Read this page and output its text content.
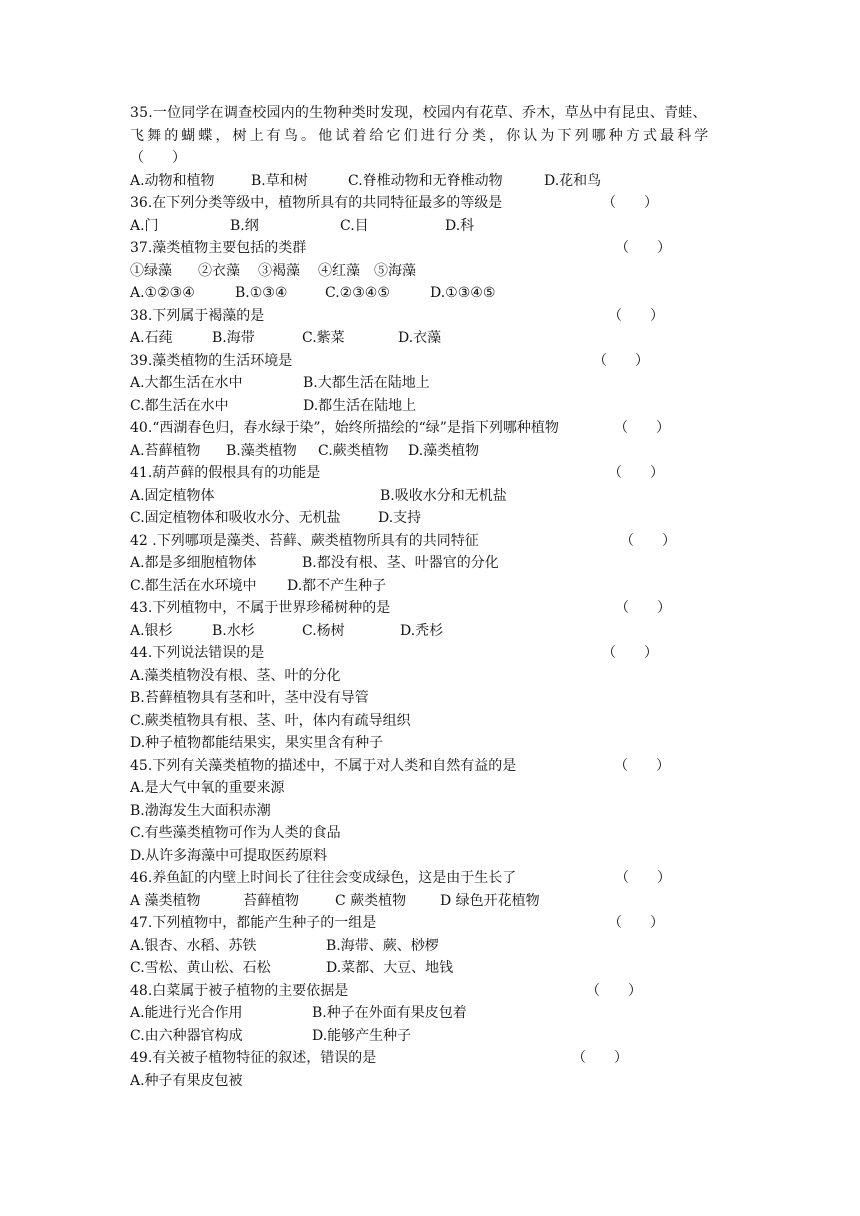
35.一位同学在调查校园内的生物种类时发现，校园内有花草、乔木，草丛中有昆虫、青蛙、
飞舞的蝴蝶，树上有鸟。他试着给它们进行分类，你认为下列哪种方式最科学
（　　）
A.动物和植物	B.草和树	C.脊椎动物和无脊椎动物	D.花和鸟
36.在下列分类等级中，植物所具有的共同特征最多的等级是	（　　）
A.门	B.纲	C.目	D.科
37.藻类植物主要包括的类群	（　　）
①绿藻 ②衣藻 ③褐藻 ④红藻 ⑤海藻
A.①②③④	B.①③④	C.②③④⑤	D.①③④⑤
38.下列属于褐藻的是	（　　）
A.石莼	B.海带	C.紫菜	D.衣藻
39.藻类植物的生活环境是	（　　）
A.大都生活在水中	B.大都生活在陆地上
C.都生活在水中	D.都生活在陆地上
40.“西湖春色归，春水绿于染”，始终所描绘的“绿”是指下列哪种植物	（　　）
A.苔藓植物 B.藻类植物 C.蕨类植物 D.藻类植物
41.葫芦藓的假根具有的功能是	（　　）
A.固定植物体	B.吸收水分和无机盐
C.固定植物体和吸收水分、无机盐	D.支持
42 .下列哪项是藻类、苔藓、蕨类植物所具有的共同特征	（　　）
A.都是多细胞植物体	B.都没有根、茎、叶器官的分化
C.都生活在水环境中 D.都不产生种子
43.下列植物中，不属于世界珍稀树种的是	（　　）
A.银杉	B.水杉	C.杨树	D.秃杉
44.下列说法错误的是	（　　）
A.藻类植物没有根、茎、叶的分化
B.苔藓植物具有茎和叶，茎中没有导管
C.蕨类植物具有根、茎、叶，体内有疏导组织
D.种子植物都能结果实，果实里含有种子
45.下列有关藻类植物的描述中，不属于对人类和自然有益的是	（　　）
A.是大气中氧的重要来源
B.渤海发生大面积赤潮
C.有些藻类植物可作为人类的食品
D.从许多海藻中可提取医药原料
46.养鱼缸的内壁上时间长了往往会变成绿色，这是由于生长了	（　　）
A 藻类植物	苔藓植物	C 蕨类植物 D 绿色开花植物
47.下列植物中，都能产生种子的一组是	（　　）
A.银杏、水稻、苏铁	B.海带、蕨、桫椤
C.雪松、黄山松、石松	D.菜都、大豆、地钱
48.白菜属于被子植物的主要依据是	（　　）
A.能进行光合作用	B.种子在外面有果皮包着
C.由六种器官构成	D.能够产生种子
49.有关被子植物特征的叙述，错误的是	（　　）
A.种子有果皮包被
